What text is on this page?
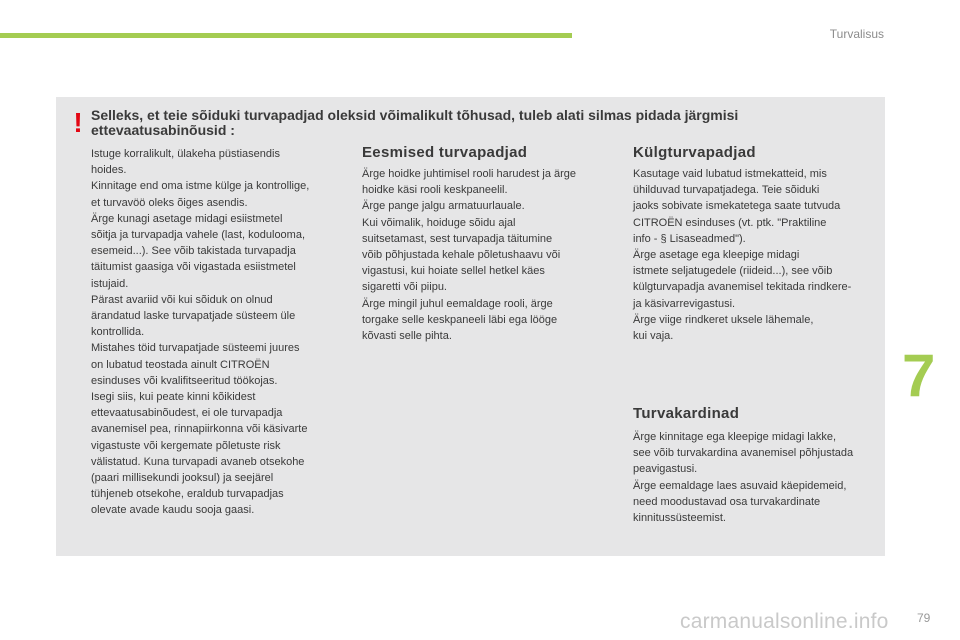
Turvalisus
! Selleks, et teie sõiduki turvapadjad oleksid võimalikult tõhusad, tuleb alati silmas pidada järgmisi ettevaatusabinõusid :
Istuge korralikult, ülakeha püstiasendis
hoides.
Kinnitage end oma istme külge ja kontrollige,
et turvavöö oleks õiges asendis.
Ärge kunagi asetage midagi esiistmetel
sõitja ja turvapadja vahele (last, kodulooma,
esemeid...). See võib takistada turvapadja
täitumist gaasiga või vigastada esiistmetel
istujaid.
Pärast avariid või kui sõiduk on olnud
ärandatud laske turvapatjade süsteem üle
kontrollida.
Mistahes töid turvapatjade süsteemi juures
on lubatud teostada ainult CITROËN
esinduses või kvalifitseeritud töökojas.
Isegi siis, kui peate kinni kõikidest
ettevaatusabinõudest, ei ole turvapadja
avanemisel pea, rinnapiirkonna või käsivarte
vigastuste või kergemate põletuste risk
välistatud. Kuna turvapadi avaneb otsekohe
(paari millisekundi jooksul) ja seejärel
tühjeneb otsekohe, eraldub turvapadjas
olevate avade kaudu sooja gaasi.
Eesmised turvapadjad
Ärge hoidke juhtimisel rooli harudest ja ärge
hoidke käsi rooli keskpaneelil.
Ärge pange jalgu armatuurlauale.
Kui võimalik, hoiduge sõidu ajal
suitsetamast, sest turvapadja täitumine
võib põhjustada kehale põletushaavu või
vigastusi, kui hoiate sellel hetkel käes
sigaretti või piipu.
Ärge mingil juhul eemaldage rooli, ärge
torgake selle keskpaneeli läbi ega lööge
kõvasti selle pihta.
Külgturvapadjad
Kasutage vaid lubatud istmekatteid, mis
ühilduvad turvapatjadega. Teie sõiduki
jaoks sobivate ismekatetega saate tutvuda
CITROËN esinduses (vt. ptk. "Praktiline
info - § Lisaseadmed").
Ärge asetage ega kleepige midagi
istmete seljatugedele (riideid...), see võib
külgturvapadja avanemisel tekitada rindkere-
ja käsivarrevigastusi.
Ärge viige rindkeret uksele lähemale,
kui vaja.
Turvakardinad
Ärge kinnitage ega kleepige midagi lakke,
see võib turvakardina avanemisel põhjustada
peavigastusi.
Ärge eemaldage laes asuvaid käepidemeid,
need moodustavad osa turvakardinate
kinnitussüsteemist.
7
carmanualsonline.info 79
